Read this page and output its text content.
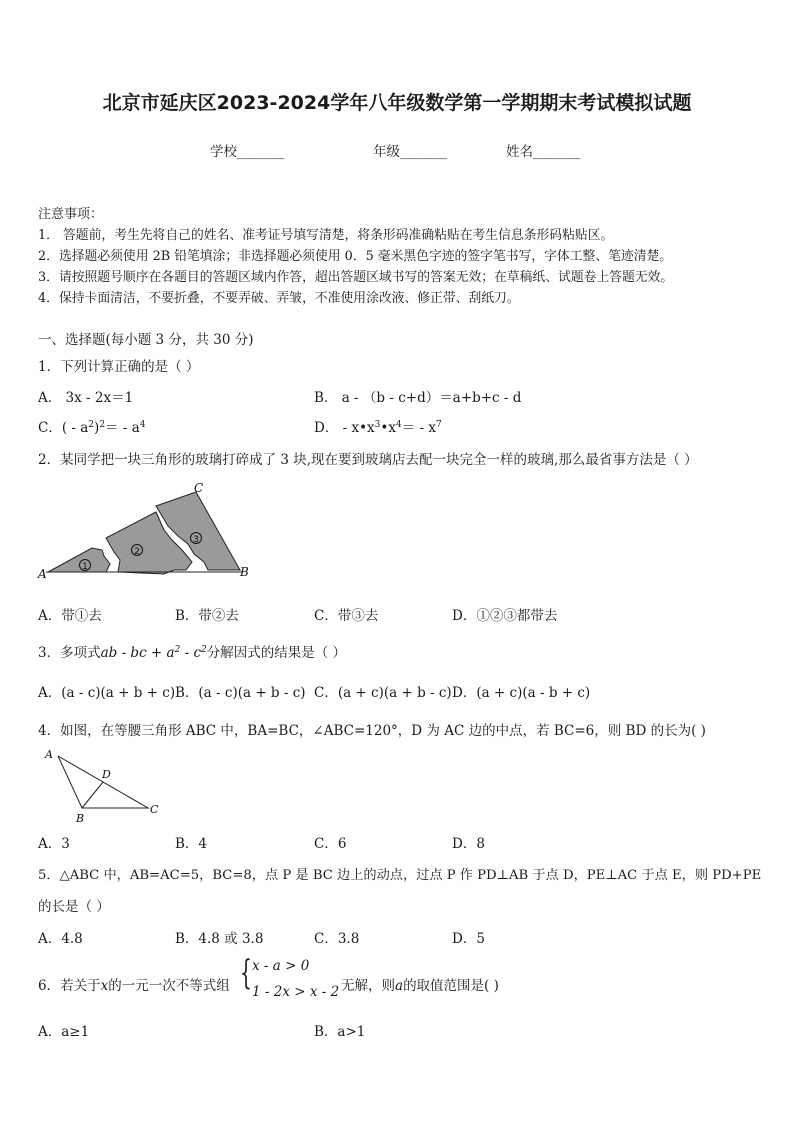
北京市延庆区2023-2024学年八年级数学第一学期期末考试模拟试题
学校_______	年级_______	姓名_______
注意事项：
1． 答题前，考生先将自己的姓名、准考证号填写清楚，将条形码准确粘贴在考生信息条形码粘贴区。
2．选择题必须使用 2B 铅笔填涂；非选择题必须使用 0．5 毫米黑色字迹的签字笔书写，字体工整、笔迹清楚。
3．请按照题号顺序在各题目的答题区域内作答，超出答题区域书写的答案无效；在草稿纸、试题卷上答题无效。
4．保持卡面清洁，不要折叠，不要弄破、弄皱，不准使用涂改液、修正带、刮纸刀。
一、选择题(每小题 3 分，共 30 分)
1．下列计算正确的是（ ）
A． 3x - 2x＝1	B． a - （b - c+d）＝a+b+c - d
C．( - $a^2)^2= - a^4$	D． - $x•x^3•x^4= - x^7$
2．某同学把一块三角形的玻璃打碎成了 3 块,现在要到玻璃店去配一块完全一样的玻璃,那么最省事方法是（ ）
1
2
3
A	B
C
A．带①去	B．带②去	C．带③去	D．①②③都带去
3．多项式ab - bc + $a^2 - c^2$分解因式的结果是（ ）
A．(a - c)(a + b + c) B．(a - c)(a + b - c) C．(a + c)(a + b - c) D．(a + c)(a - b + c)
4．如图，在等腰三角形 ABC 中，BA=BC，∠ABC=120°，D 为 AC 边的中点，若 BC=6，则 BD 的长为( )
A
B
C
D
A．3	B．4	C．6	D．8
5．△ABC 中，AB=AC=5，BC=8，点 P 是 BC 边上的动点，过点 P 作 PD⊥AB 于点 D，PE⊥AC 于点 E，则 PD+PE
的长是（ ）
A．4.8	B．4.8 或 3.8	C．3.8	D．5
6．若关于x的一元一次不等式组 { x - a > 0
1 - 2x > x - 2 无解，则a的取值范围是( )
A．a≥1	B．a>1
